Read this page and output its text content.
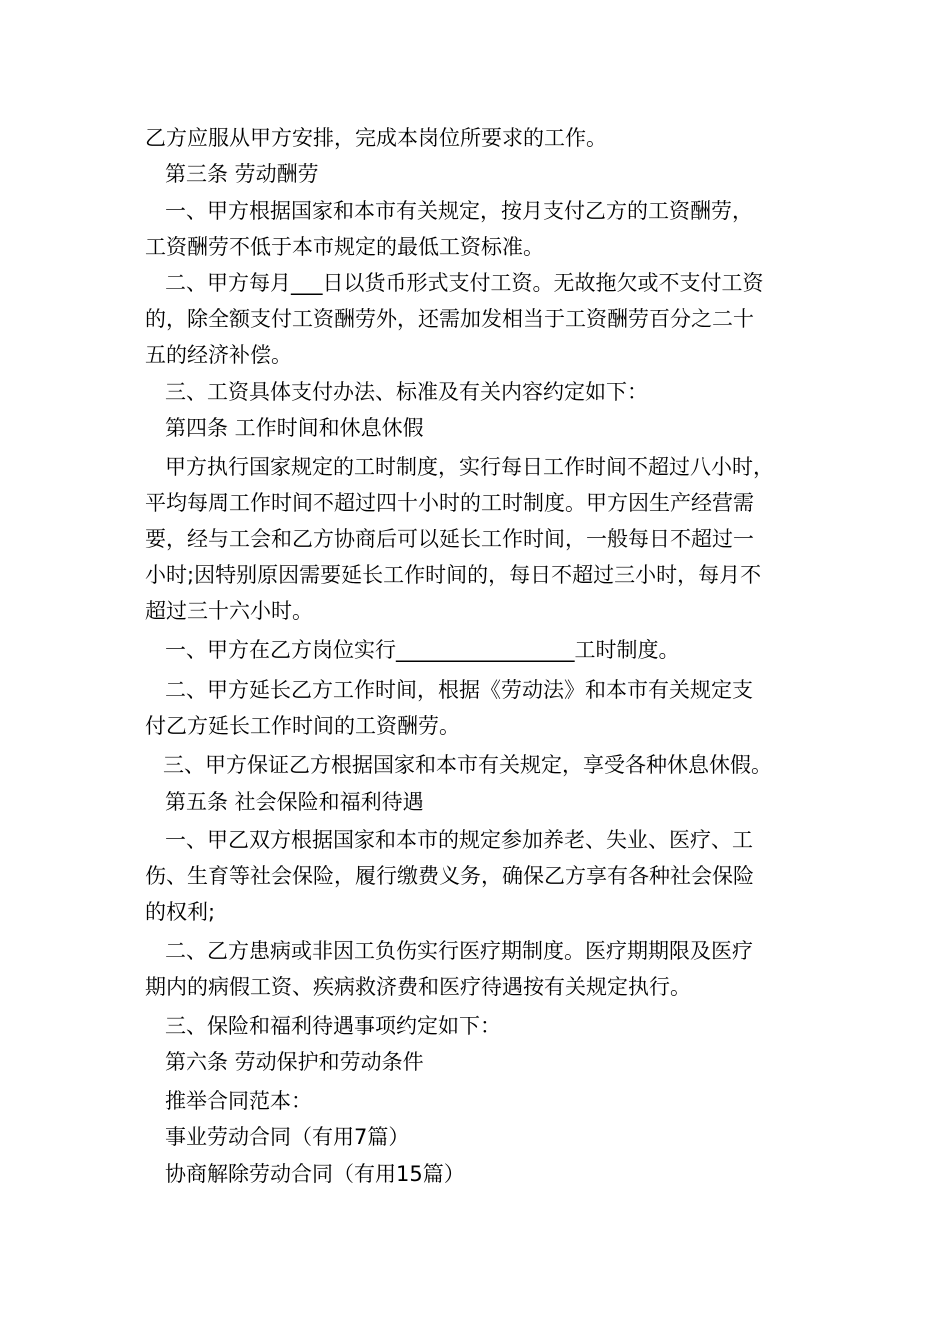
乙方应服从甲方安排，完成本岗位所要求的工作。
第三条 劳动酬劳
一、甲方根据国家和本市有关规定，按月支付乙方的工资酬劳，
工资酬劳不低于本市规定的最低工资标准。
二、甲方每月___日以货币形式支付工资。无故拖欠或不支付工资
的，除全额支付工资酬劳外，还需加发相当于工资酬劳百分之二十
五的经济补偿。
三、工资具体支付办法、标准及有关内容约定如下：
第四条 工作时间和休息休假
甲方执行国家规定的工时制度，实行每日工作时间不超过八小时，
平均每周工作时间不超过四十小时的工时制度。甲方因生产经营需
要，经与工会和乙方协商后可以延长工作时间，一般每日不超过一
小时;因特别原因需要延长工作时间的，每日不超过三小时，每月不
超过三十六小时。
一、甲方在乙方岗位实行_________________工时制度。
二、甲方延长乙方工作时间，根据《劳动法》和本市有关规定支
付乙方延长工作时间的工资酬劳。
三、甲方保证乙方根据国家和本市有关规定，享受各种休息休假。
第五条 社会保险和福利待遇
一、甲乙双方根据国家和本市的规定参加养老、失业、医疗、工
伤、生育等社会保险，履行缴费义务，确保乙方享有各种社会保险
的权利;
二、乙方患病或非因工负伤实行医疗期制度。医疗期期限及医疗
期内的病假工资、疾病救济费和医疗待遇按有关规定执行。
三、保险和福利待遇事项约定如下：
第六条 劳动保护和劳动条件
推举合同范本：
事业劳动合同（有用7篇）
协商解除劳动合同（有用15篇）
